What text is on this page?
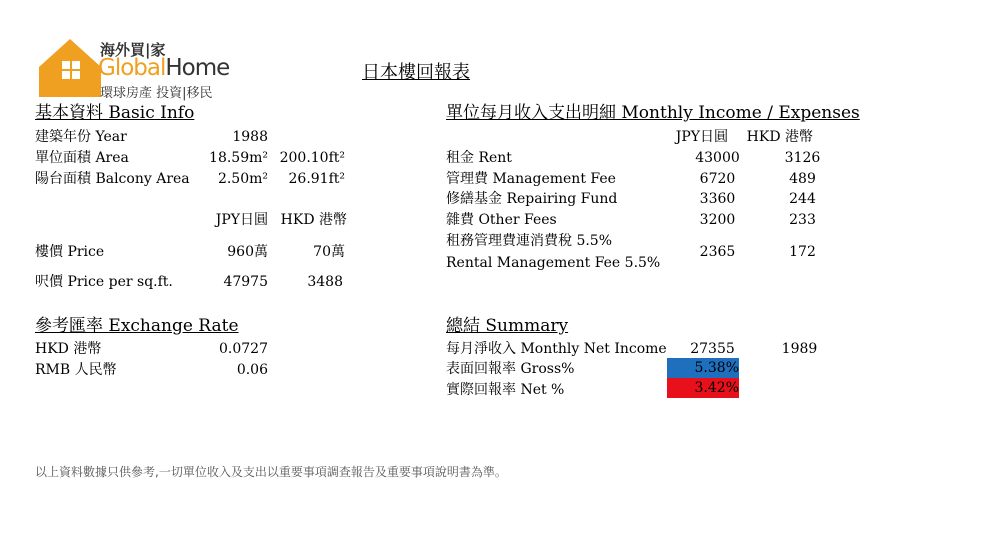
海外買|家
GlobalHome
環球房產 投資|移民
日本樓回報表
基本資料 Basic Info
建築年份 Year	1988
單位面積 Area	18.59m² 200.10ft²
陽台面積 Balcony Area	2.50m²	26.91ft²
JPY日圓 HKD 港幣
樓價 Price	960萬	70萬
呎價 Price per sq.ft.	47975	3488
參考匯率 Exchange Rate
HKD 港幣	0.0727
RMB 人民幣	0.06
單位每月收入支出明細 Monthly Income / Expenses
JPY日圓	HKD 港幣
租金 Rent	43000	3126
管理費 Management Fee	6720	489
修繕基金 Repairing Fund	3360	244
雜費 Other Fees	3200	233
租務管理費連消費稅 5.5%
Rental Management Fee 5.5%
2365	172
總結 Summary
每月淨收入 Monthly Net Income	27355	1989
表面回報率 Gross%	5.38%
實際回報率 Net %	3.42%
以上資料數據只供參考,一切單位收入及支出以重要事項調查報告及重要事項說明書為準。
